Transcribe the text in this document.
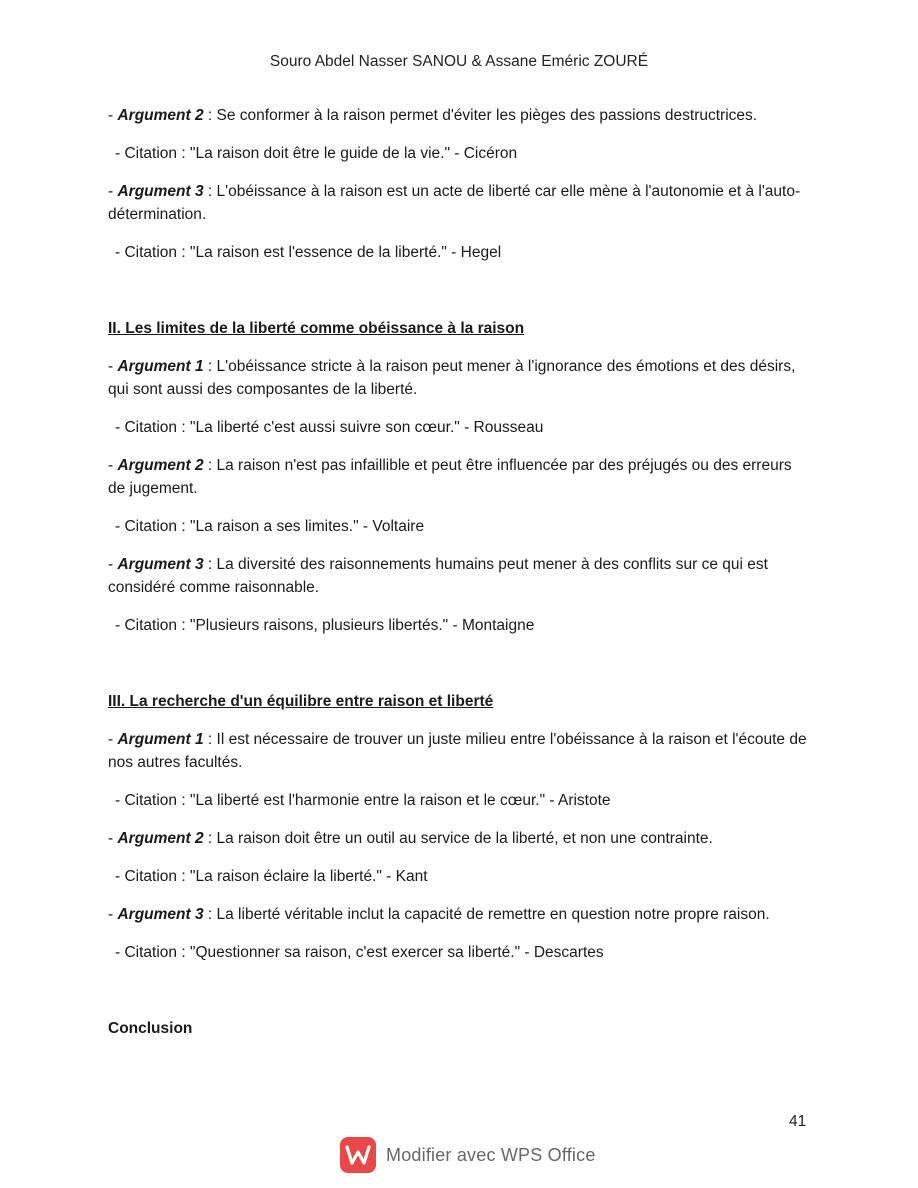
Souro Abdel Nasser SANOU & Assane Eméric ZOURÉ

- Argument 2 : Se conformer à la raison permet d'éviter les pièges des passions destructrices.

- Citation : "La raison doit être le guide de la vie." - Cicéron

- Argument 3 : L'obéissance à la raison est un acte de liberté car elle mène à l'autonomie et à l'auto-détermination.

- Citation : "La raison est l'essence de la liberté." - Hegel

II. Les limites de la liberté comme obéissance à la raison

- Argument 1 : L'obéissance stricte à la raison peut mener à l'ignorance des émotions et des désirs, qui sont aussi des composantes de la liberté.

- Citation : "La liberté c'est aussi suivre son cœur." - Rousseau

- Argument 2 : La raison n'est pas infaillible et peut être influencée par des préjugés ou des erreurs de jugement.

- Citation : "La raison a ses limites." - Voltaire

- Argument 3 : La diversité des raisonnements humains peut mener à des conflits sur ce qui est considéré comme raisonnable.

- Citation : "Plusieurs raisons, plusieurs libertés." - Montaigne

III. La recherche d'un équilibre entre raison et liberté

- Argument 1 : Il est nécessaire de trouver un juste milieu entre l'obéissance à la raison et l'écoute de nos autres facultés.

- Citation : "La liberté est l'harmonie entre la raison et le cœur." - Aristote

- Argument 2 : La raison doit être un outil au service de la liberté, et non une contrainte.

- Citation : "La raison éclaire la liberté." - Kant

- Argument 3 : La liberté véritable inclut la capacité de remettre en question notre propre raison.

- Citation : "Questionner sa raison, c'est exercer sa liberté." - Descartes

Conclusion

41
Modifier avec WPS Office
